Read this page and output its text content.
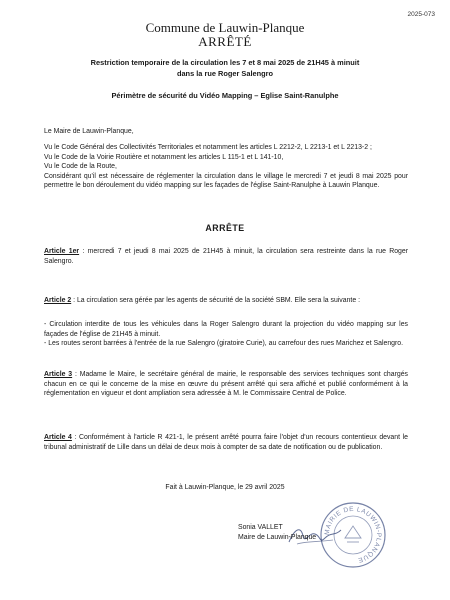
2025-073
Commune de Lauwin-Planque
ARRÊTÉ
Restriction temporaire de la circulation les 7 et 8 mai 2025 de 21H45 à minuit
dans la rue Roger Salengro
Périmètre de sécurité du Vidéo Mapping – Eglise Saint-Ranulphe
Le Maire de Lauwin-Planque,

Vu le Code Général des Collectivités Territoriales et notamment les articles L 2212-2, L 2213-1 et L 2213-2 ;

Vu le Code de la Voirie Routière et notamment les articles L 115-1 et L 141-10,

Vu le Code de la Route,

Considérant qu'il est nécessaire de réglementer la circulation dans le village le mercredi 7 et jeudi 8 mai 2025 pour permettre le bon déroulement du vidéo mapping sur les façades de l'église Saint-Ranulphe à Lauwin Planque.

ARRÊTE
Article 1er : mercredi 7 et jeudi 8 mai 2025 de 21H45 à minuit, la circulation sera restreinte dans la rue Roger Salengro.
Article 2 : La circulation sera gérée par les agents de sécurité de la société SBM. Elle sera la suivante :

- Circulation interdite de tous les véhicules dans la Roger Salengro durant la projection du vidéo mapping sur les façades de l'église de 21H45 à minuit.

- Les routes seront barrées à l'entrée de la rue Salengro (giratoire Curie), au carrefour des rues Marichez et Salengro.

Article 3 : Madame le Maire, le secrétaire général de mairie, le responsable des services techniques sont chargés chacun en ce qui le concerne de la mise en œuvre du présent arrêté qui sera affiché et publié conformément à la réglementation en vigueur et dont ampliation sera adressée à M. le Commissaire Central de Police.
Article 4 : Conformément à l'article R 421-1, le présent arrêté pourra faire l'objet d'un recours contentieux devant le tribunal administratif de Lille dans un délai de deux mois à compter de sa date de notification ou de publication.
Fait à Lauwin-Planque, le 29 avril 2025
MAIRIE DE LAUWIN-PLANQUE
Sonia VALLET
Maire de Lauwin-Planque
